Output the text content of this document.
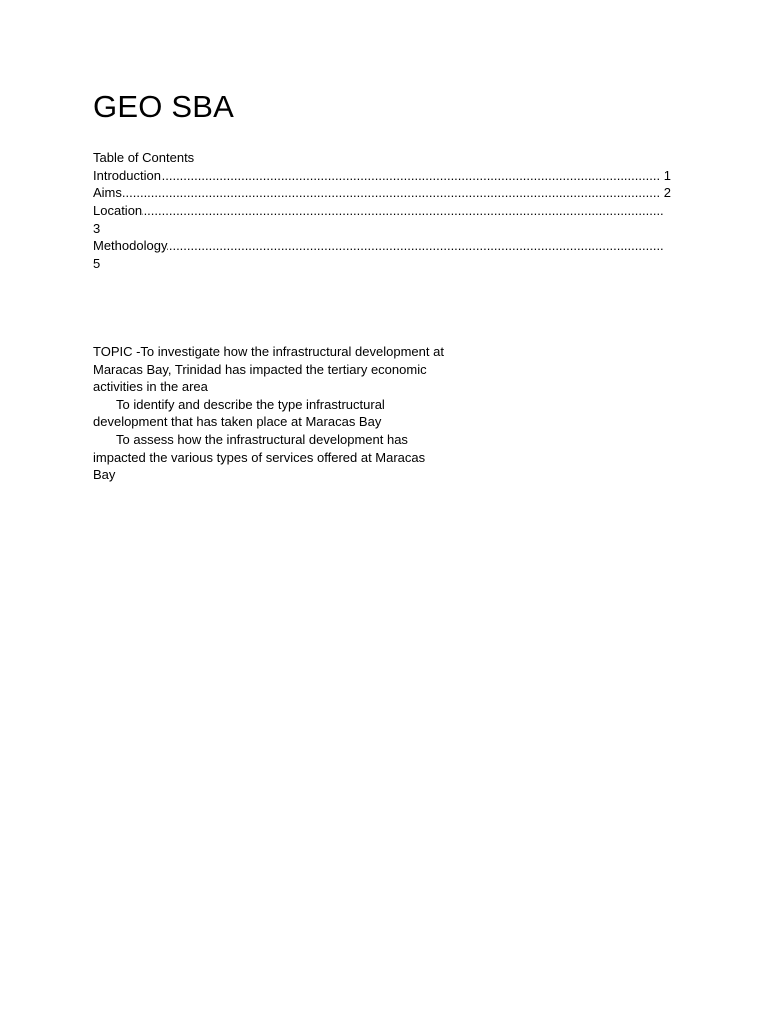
GEO SBA
Table of Contents
.....
Introduction	1
.....
Aims	2
.....
Location
3
.....
Methodology
5
TOPIC -To investigate how the infrastructural development at
Maracas Bay, Trinidad has impacted the tertiary economic
activities in the area
To identify and describe the type infrastructural
development that has taken place at Maracas Bay
To assess how the infrastructural development has
impacted the various types of services offered at Maracas
Bay
